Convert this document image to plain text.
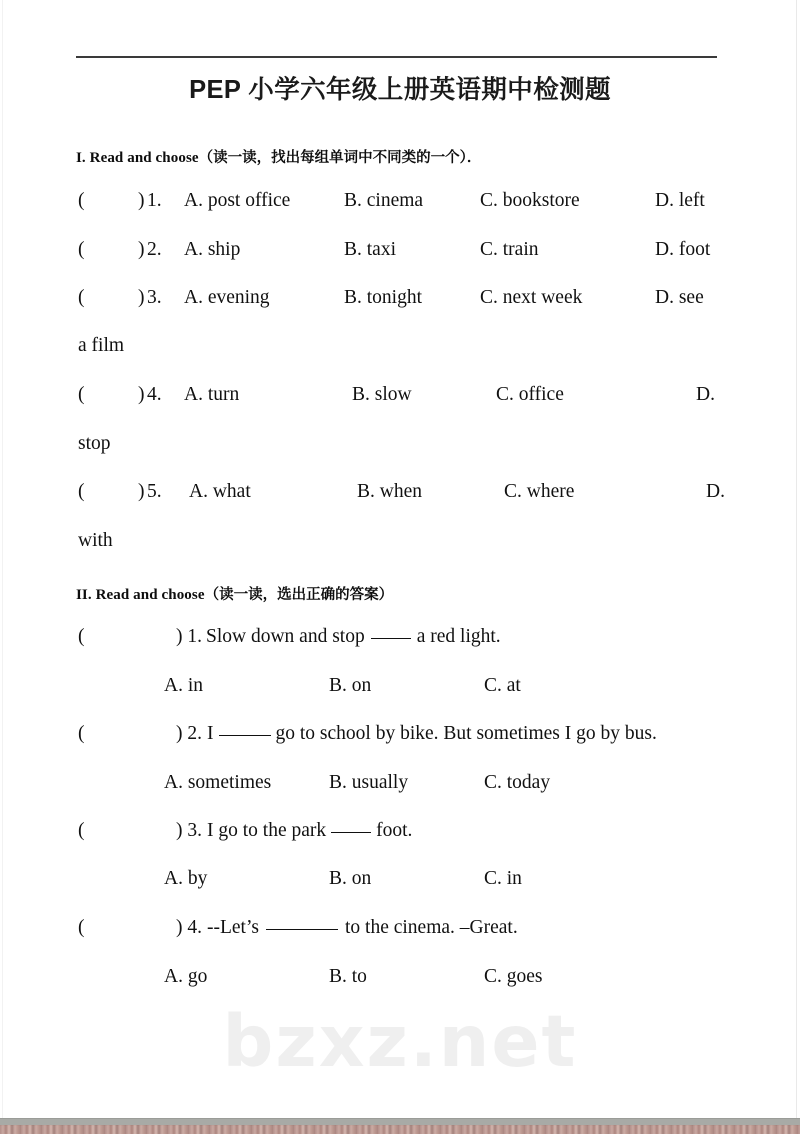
PEP 小学六年级上册英语期中检测题
I. Read and choose（读一读，找出每组单词中不同类的一个）．
(	) 1. A. post office	B. cinema	C. bookstore	D. left
(	) 2. A. ship	B. taxi	C. train	D. foot
(	) 3. A. evening	B. tonight	C. next week	D. see
a film
(	) 4. A. turn	B. slow	C. office	D.
stop
(	) 5. A. what	B. when	C. where	D.
with
II. Read and choose（读一读，选出正确的答案）
(	) 1. Slow down and stop	a red light.
A. in	B. on	C. at
(	) 2. I	go to school by bike. But sometimes I go by bus.
A. sometimes	B. usually	C. today
(	) 3. I go to the park	foot.
A. by	B. on	C. in
(	) 4. --Let’s	to the cinema. –Great.
A. go	B. to	C. goes
bzxz.net
